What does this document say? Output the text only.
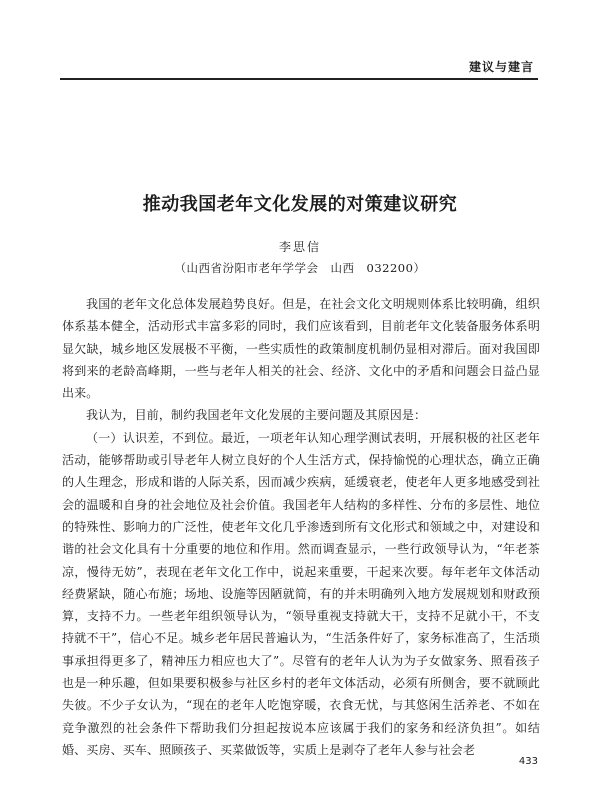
建议与建言
推动我国老年文化发展的对策建议研究
李思信
（山西省汾阳市老年学学会　山西　032200）

我国的老年文化总体发展趋势良好。但是，在社会文化文明规则体系比较明确，组织体系基本健全，活动形式丰富多彩的同时，我们应该看到，目前老年文化装备服务体系明显欠缺，城乡地区发展极不平衡，一些实质性的政策制度机制仍显相对滞后。面对我国即将到来的老龄高峰期，一些与老年人相关的社会、经济、文化中的矛盾和问题会日益凸显出来。

我认为，目前，制约我国老年文化发展的主要问题及其原因是：

（一）认识差，不到位。最近，一项老年认知心理学测试表明，开展积极的社区老年活动，能够帮助或引导老年人树立良好的个人生活方式，保持愉悦的心理状态，确立正确的人生理念，形成和谐的人际关系，因而减少疾病，延缓衰老，使老年人更多地感受到社会的温暖和自身的社会地位及社会价值。我国老年人结构的多样性、分布的多层性、地位的特殊性、影响力的广泛性，使老年文化几乎渗透到所有文化形式和领域之中，对建设和谐的社会文化具有十分重要的地位和作用。然而调查显示，一些行政领导认为，“年老茶凉，慢待无妨”，表现在老年文化工作中，说起来重要，干起来次要。每年老年文体活动经费紧缺，随心布施；场地、设施等因陋就简，有的并未明确列入地方发展规划和财政预算，支持不力。一些老年组织领导认为，“领导重视支持就大干，支持不足就小干，不支持就不干”，信心不足。城乡老年居民普遍认为，“生活条件好了，家务标准高了，生活琐事承担得更多了，精神压力相应也大了”。尽管有的老年人认为为子女做家务、照看孩子也是一种乐趣，但如果要积极参与社区乡村的老年文体活动，必须有所侧舍，要不就顾此失彼。不少子女认为，“现在的老年人吃饱穿暖，衣食无忧，与其悠闲生活养老、不如在竞争激烈的社会条件下帮助我们分担起按说本应该属于我们的家务和经济负担”。如结婚、买房、买车、照顾孩子、买菜做饭等，实质上是剥夺了老年人参与社会老

433
